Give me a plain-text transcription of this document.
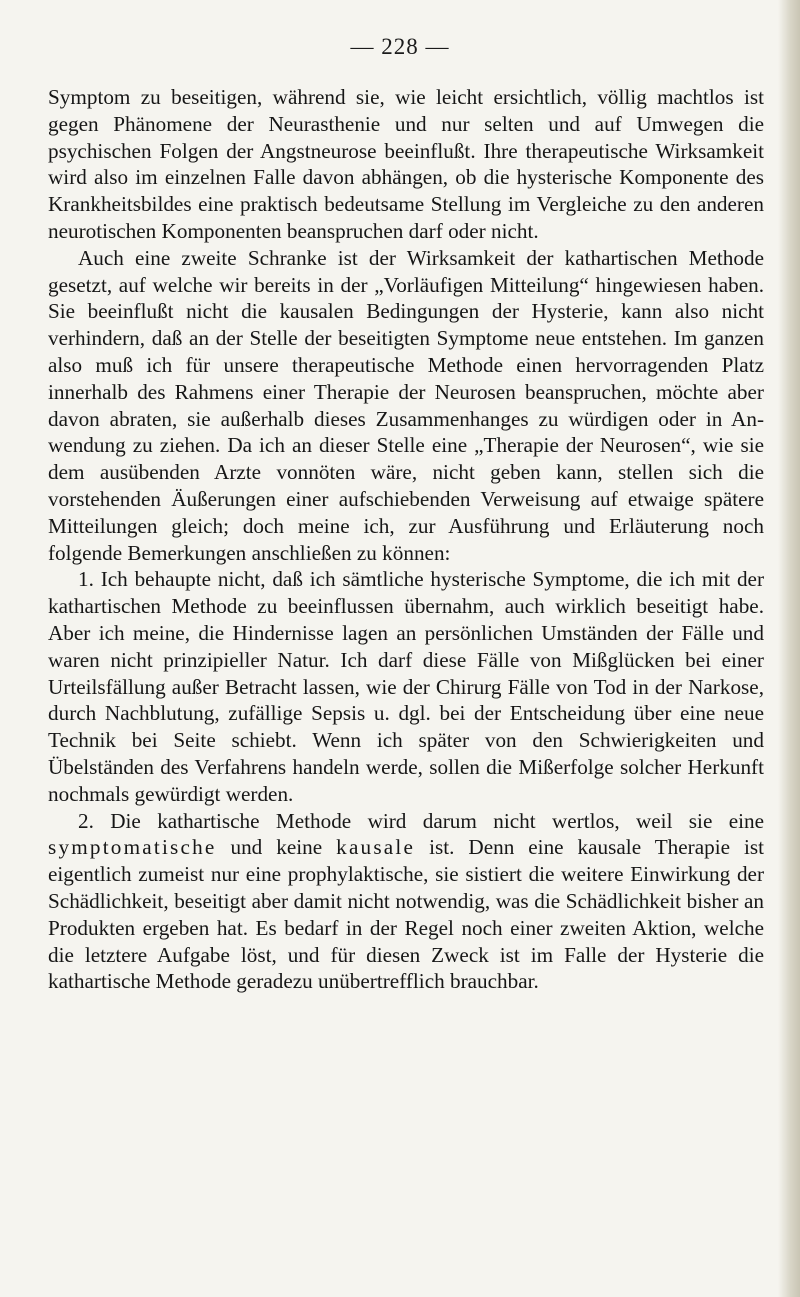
— 228 —

Symptom zu beseitigen, während sie, wie leicht ersichtlich, völlig machtlos ist gegen Phänomene der Neurasthenie und nur selten und auf Umwegen die psychischen Folgen der Angstneurose beeinflußt. Ihre therapeutische Wirksamkeit wird also im einzelnen Falle davon abhängen, ob die hysterische Komponente des Krankheitsbildes eine praktisch bedeutsame Stellung im Vergleiche zu den anderen neurotischen Komponenten beanspruchen darf oder nicht.

Auch eine zweite Schranke ist der Wirksamkeit der kathartischen Methode gesetzt, auf welche wir bereits in der „Vorläufigen Mitteilung“ hingewiesen haben. Sie beeinflußt nicht die kausalen Bedingungen der Hysterie, kann also nicht verhindern, daß an der Stelle der beseitigten Symptome neue entstehen. Im ganzen also muß ich für unsere therapeutische Methode einen hervorragenden Platz innerhalb des Rahmens einer Therapie der Neurosen beanspruchen, möchte aber davon abraten, sie außerhalb dieses Zusammenhanges zu würdigen oder in Anwendung zu ziehen. Da ich an dieser Stelle eine „Therapie der Neurosen“, wie sie dem ausübenden Arzte vonnöten wäre, nicht geben kann, stellen sich die vorstehenden Äußerungen einer aufschiebenden Verweisung auf etwaige spätere Mitteilungen gleich; doch meine ich, zur Ausführung und Erläuterung noch folgende Bemerkungen anschließen zu können:

1. Ich behaupte nicht, daß ich sämtliche hysterische Symptome, die ich mit der kathartischen Methode zu beeinflussen übernahm, auch wirklich beseitigt habe. Aber ich meine, die Hindernisse lagen an persönlichen Umständen der Fälle und waren nicht prinzipieller Natur. Ich darf diese Fälle von Mißglücken bei einer Urteilsfällung außer Betracht lassen, wie der Chirurg Fälle von Tod in der Narkose, durch Nachblutung, zufällige Sepsis u. dgl. bei der Entscheidung über eine neue Technik bei Seite schiebt. Wenn ich später von den Schwierigkeiten und Übelständen des Verfahrens handeln werde, sollen die Mißerfolge solcher Herkunft nochmals gewürdigt werden.

2. Die kathartische Methode wird darum nicht wertlos, weil sie eine symptomatische und keine kausale ist. Denn eine kausale Therapie ist eigentlich zumeist nur eine prophylaktische, sie sistiert die weitere Einwirkung der Schädlichkeit, beseitigt aber damit nicht notwendig, was die Schädlichkeit bisher an Produkten ergeben hat. Es bedarf in der Regel noch einer zweiten Aktion, welche die letztere Aufgabe löst, und für diesen Zweck ist im Falle der Hysterie die kathartische Methode geradezu unübertrefflich brauchbar.
